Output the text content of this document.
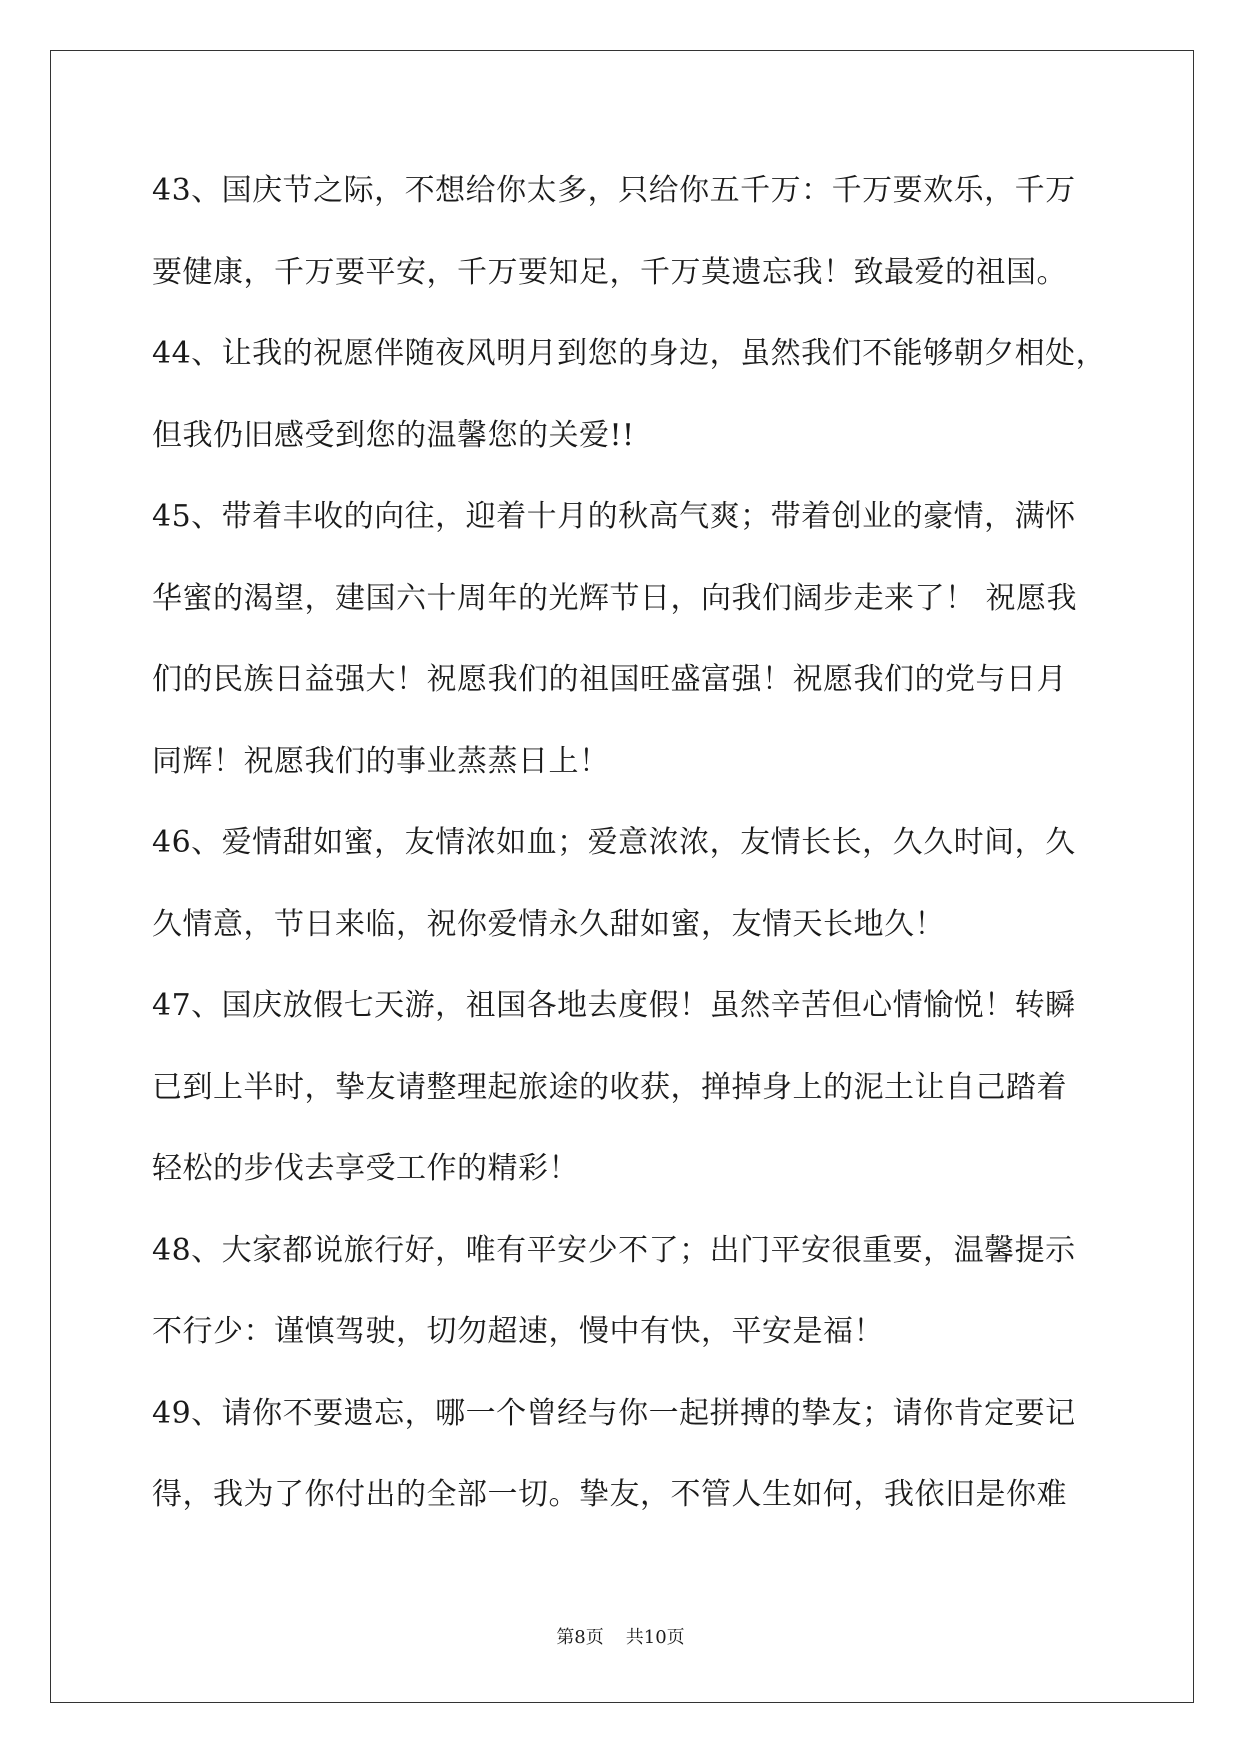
43、国庆节之际，不想给你太多，只给你五千万：千万要欢乐，千万
要健康，千万要平安，千万要知足，千万莫遗忘我！致最爱的祖国。
44、让我的祝愿伴随夜风明月到您的身边，虽然我们不能够朝夕相处，
但我仍旧感受到您的温馨您的关爱!!
45、带着丰收的向往，迎着十月的秋高气爽；带着创业的豪情，满怀
华蜜的渴望，建国六十周年的光辉节日，向我们阔步走来了！ 祝愿我
们的民族日益强大！祝愿我们的祖国旺盛富强！祝愿我们的党与日月
同辉！祝愿我们的事业蒸蒸日上！
46、爱情甜如蜜，友情浓如血；爱意浓浓，友情长长，久久时间，久
久情意，节日来临，祝你爱情永久甜如蜜，友情天长地久！
47、国庆放假七天游，祖国各地去度假！虽然辛苦但心情愉悦！转瞬
已到上半时，挚友请整理起旅途的收获，掸掉身上的泥土让自己踏着
轻松的步伐去享受工作的精彩！
48、大家都说旅行好，唯有平安少不了；出门平安很重要，温馨提示
不行少：谨慎驾驶，切勿超速，慢中有快，平安是福！
49、请你不要遗忘，哪一个曾经与你一起拼搏的挚友；请你肯定要记
得，我为了你付出的全部一切。挚友，不管人生如何，我依旧是你难
第8页 共10页
